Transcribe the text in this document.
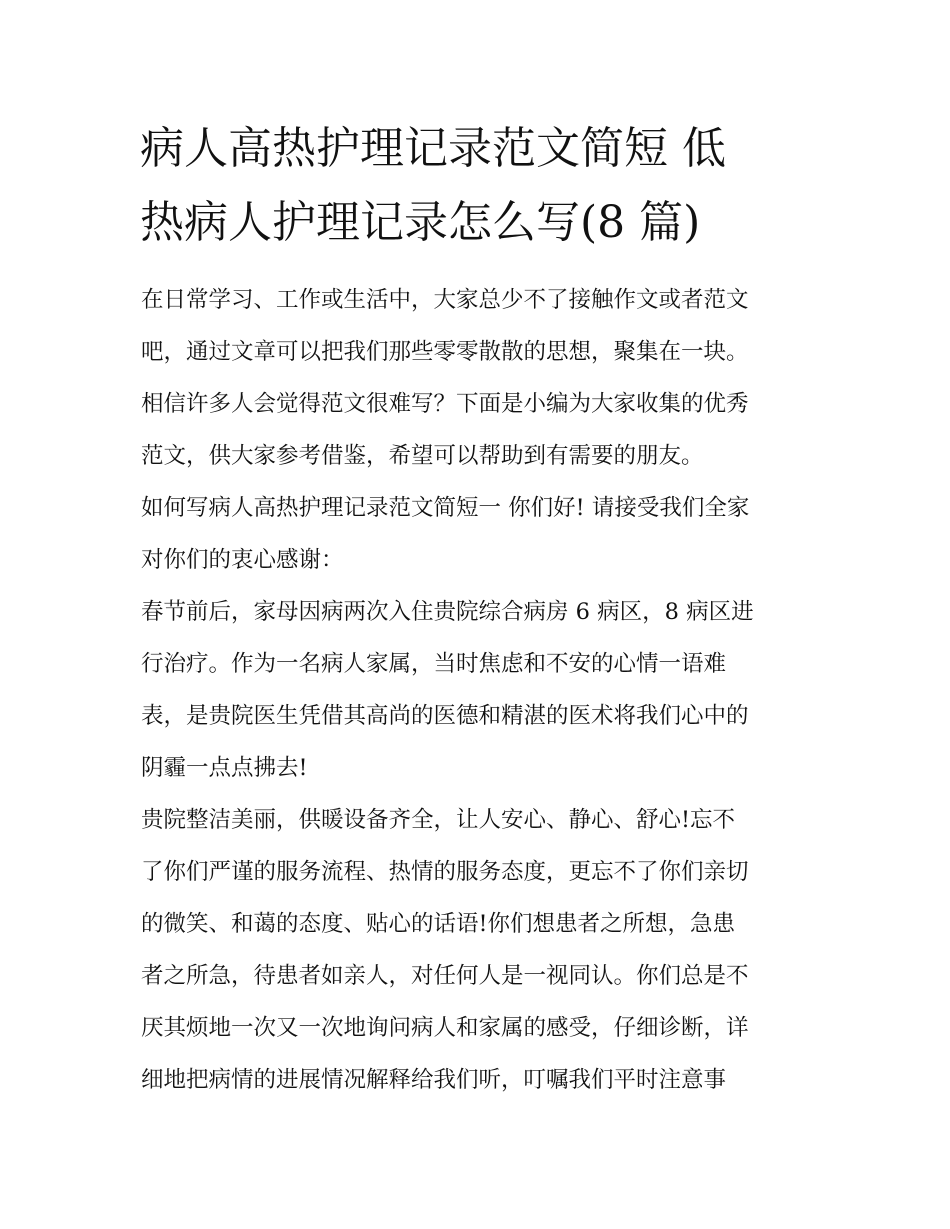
病人高热护理记录范文简短 低
热病人护理记录怎么写(8 篇)
在日常学习、工作或生活中，大家总少不了接触作文或者范文
吧，通过文章可以把我们那些零零散散的思想，聚集在一块。
相信许多人会觉得范文很难写？下面是小编为大家收集的优秀
范文，供大家参考借鉴，希望可以帮助到有需要的朋友。
如何写病人高热护理记录范文简短一 你们好! 请接受我们全家
对你们的衷心感谢：
春节前后，家母因病两次入住贵院综合病房 6 病区，8 病区进
行治疗。作为一名病人家属，当时焦虑和不安的心情一语难
表，是贵院医生凭借其高尚的医德和精湛的医术将我们心中的
阴霾一点点拂去!
贵院整洁美丽，供暖设备齐全，让人安心、静心、舒心!忘不
了你们严谨的服务流程、热情的服务态度，更忘不了你们亲切
的微笑、和蔼的态度、贴心的话语!你们想患者之所想，急患
者之所急，待患者如亲人，对任何人是一视同认。你们总是不
厌其烦地一次又一次地询问病人和家属的感受，仔细诊断，详
细地把病情的进展情况解释给我们听，叮嘱我们平时注意事
